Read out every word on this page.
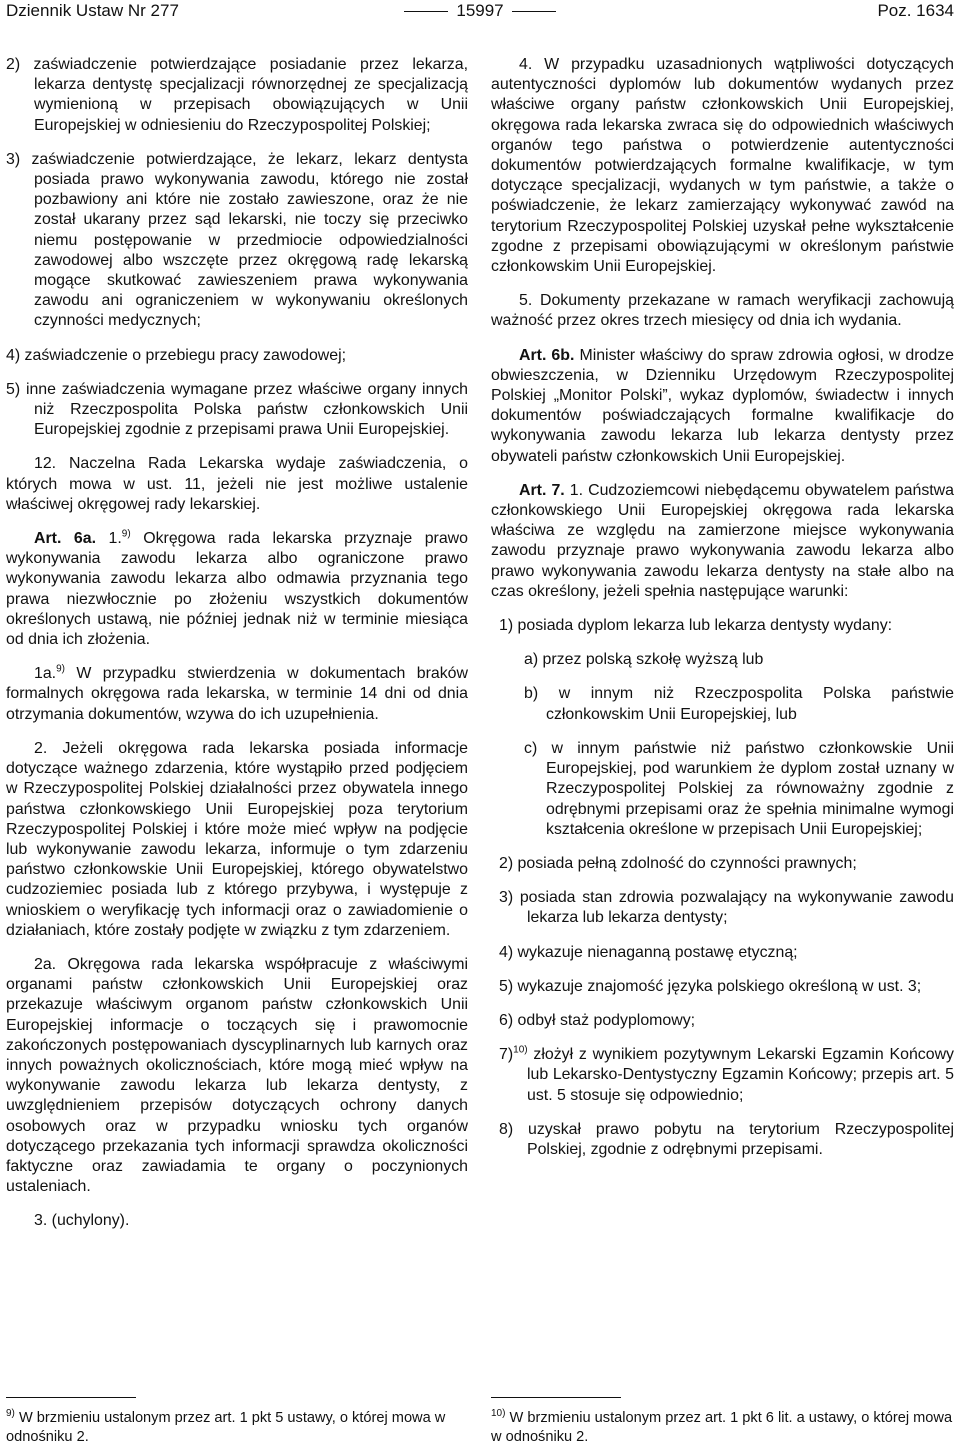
Dziennik Ustaw Nr 277	15997	Poz. 1634

2) zaświadczenie potwierdzające posiadanie przez lekarza, lekarza dentystę specjalizacji równorzędnej ze specjalizacją wymienioną w przepisach obowiązujących w Unii Europejskiej w odniesieniu do Rzeczypospolitej Polskiej;

3) zaświadczenie potwierdzające, że lekarz, lekarz dentysta posiada prawo wykonywania zawodu, którego nie został pozbawiony ani które nie zostało zawieszone, oraz że nie został ukarany przez sąd lekarski, nie toczy się przeciwko niemu postępowanie w przedmiocie odpowiedzialności zawodowej albo wszczęte przez okręgową radę lekarską mogące skutkować zawieszeniem prawa wykonywania zawodu ani ograniczeniem w wykonywaniu określonych czynności medycznych;

4) zaświadczenie o przebiegu pracy zawodowej;

5) inne zaświadczenia wymagane przez właściwe organy innych niż Rzeczpospolita Polska państw członkowskich Unii Europejskiej zgodnie z przepisami prawa Unii Europejskiej.

12. Naczelna Rada Lekarska wydaje zaświadczenia, o których mowa w ust. 11, jeżeli nie jest możliwe ustalenie właściwej okręgowej rady lekarskiej.

Art. 6a. 1.$^{9)}$ Okręgowa rada lekarska przyznaje prawo wykonywania zawodu lekarza albo ograniczone prawo wykonywania zawodu lekarza albo odmawia przyznania tego prawa niezwłocznie po złożeniu wszystkich dokumentów określonych ustawą, nie później jednak niż w terminie miesiąca od dnia ich złożenia.

1a.$^{9)}$ W przypadku stwierdzenia w dokumentach braków formalnych okręgowa rada lekarska, w terminie 14 dni od dnia otrzymania dokumentów, wzywa do ich uzupełnienia.

2. Jeżeli okręgowa rada lekarska posiada informacje dotyczące ważnego zdarzenia, które wystąpiło przed podjęciem w Rzeczypospolitej Polskiej działalności przez obywatela innego państwa członkowskiego Unii Europejskiej poza terytorium Rzeczypospolitej Polskiej i które może mieć wpływ na podjęcie lub wykonywanie zawodu lekarza, informuje o tym zdarzeniu państwo członkowskie Unii Europejskiej, którego obywatelstwo cudzoziemiec posiada lub z którego przybywa, i występuje z wnioskiem o weryfikację tych informacji oraz o zawiadomienie o działaniach, które zostały podjęte w związku z tym zdarzeniem.

2a. Okręgowa rada lekarska współpracuje z właściwymi organami państw członkowskich Unii Europejskiej oraz przekazuje właściwym organom państw członkowskich Unii Europejskiej informacje o toczących się i prawomocnie zakończonych postępowaniach dyscyplinarnych lub karnych oraz innych poważnych okolicznościach, które mogą mieć wpływ na wykonywanie zawodu lekarza lub lekarza dentysty, z uwzględnieniem przepisów dotyczących ochrony danych osobowych oraz w przypadku wniosku tych organów dotyczącego przekazania tych informacji sprawdza okoliczności faktyczne oraz zawiadamia te organy o poczynionych ustaleniach.

3. (uchylony).

$^{9)}$ W brzmieniu ustalonym przez art. 1 pkt 5 ustawy, o której mowa w odnośniku 2.

4. W przypadku uzasadnionych wątpliwości dotyczących autentyczności dyplomów lub dokumentów wydanych przez właściwe organy państw członkowskich Unii Europejskiej, okręgowa rada lekarska zwraca się do odpowiednich właściwych organów tego państwa o potwierdzenie autentyczności dokumentów potwierdzających formalne kwalifikacje, w tym dotyczące specjalizacji, wydanych w tym państwie, a także o poświadczenie, że lekarz zamierzający wykonywać zawód na terytorium Rzeczypospolitej Polskiej uzyskał pełne wykształcenie zgodne z przepisami obowiązującymi w określonym państwie członkowskim Unii Europejskiej.

5. Dokumenty przekazane w ramach weryfikacji zachowują ważność przez okres trzech miesięcy od dnia ich wydania.

Art. 6b. Minister właściwy do spraw zdrowia ogłosi, w drodze obwieszczenia, w Dzienniku Urzędowym Rzeczypospolitej Polskiej „Monitor Polski”, wykaz dyplomów, świadectw i innych dokumentów poświadczających formalne kwalifikacje do wykonywania zawodu lekarza lub lekarza dentysty przez obywateli państw członkowskich Unii Europejskiej.

Art. 7. 1. Cudzoziemcowi niebędącemu obywatelem państwa członkowskiego Unii Europejskiej okręgowa rada lekarska właściwa ze względu na zamierzone miejsce wykonywania zawodu przyznaje prawo wykonywania zawodu lekarza albo prawo wykonywania zawodu lekarza dentysty na stałe albo na czas określony, jeżeli spełnia następujące warunki:

1) posiada dyplom lekarza lub lekarza dentysty wydany:

a) przez polską szkołę wyższą lub

b) w innym niż Rzeczpospolita Polska państwie członkowskim Unii Europejskiej, lub

c) w innym państwie niż państwo członkowskie Unii Europejskiej, pod warunkiem że dyplom został uznany w Rzeczypospolitej Polskiej za równoważny zgodnie z odrębnymi przepisami oraz że spełnia minimalne wymogi kształcenia określone w przepisach Unii Europejskiej;

2) posiada pełną zdolność do czynności prawnych;

3) posiada stan zdrowia pozwalający na wykonywanie zawodu lekarza lub lekarza dentysty;

4) wykazuje nienaganną postawę etyczną;

5) wykazuje znajomość języka polskiego określoną w ust. 3;

6) odbył staż podyplomowy;

7)$^{10)}$ złożył z wynikiem pozytywnym Lekarski Egzamin Końcowy lub Lekarsko-Dentystyczny Egzamin Końcowy; przepis art. 5 ust. 5 stosuje się odpowiednio;

8) uzyskał prawo pobytu na terytorium Rzeczypospolitej Polskiej, zgodnie z odrębnymi przepisami.

$^{10)}$ W brzmieniu ustalonym przez art. 1 pkt 6 lit. a ustawy, o której mowa w odnośniku 2.
